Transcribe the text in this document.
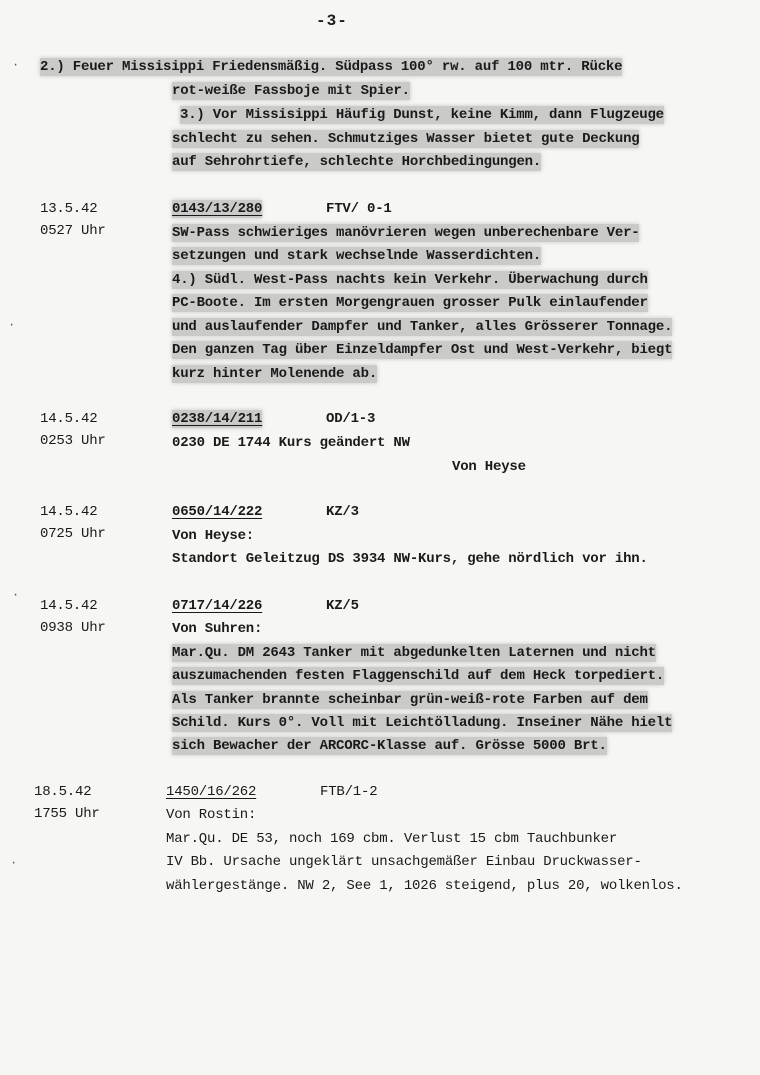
-3-
2.) Feuer Missisippi Friedensmäßig. Südpass 100° rw. auf 100 mtr. Rücke
rot-weiße Fassboje mit Spier.
3.) Vor Missisippi Häufig Dunst, keine Kimm, dann Flugzeuge
schlecht zu sehen. Schmutziges Wasser bietet gute Deckung
auf Sehrohrtiefe, schlechte Horchbedingungen.
13.5.42
0527 Uhr
0143/13/280	FTV/ 0-1
SW-Pass schwieriges manövrieren wegen unberechenbare Ver-
setzungen und stark wechselnde Wasserdichten.
4.) Südl. West-Pass nachts kein Verkehr. Überwachung durch
PC-Boote. Im ersten Morgengrauen grosser Pulk einlaufender
und auslaufender Dampfer und Tanker, alles Grösserer Tonnage.
Den ganzen Tag über Einzeldampfer Ost und West-Verkehr, biegt
kurz hinter Molenende ab.
14.5.42
0253 Uhr
0238/14/211	OD/1-3
0230 DE 1744 Kurs geändert NW
Von Heyse
14.5.42
0725 Uhr
0650/14/222	KZ/3
Von Heyse:
Standort Geleitzug DS 3934 NW-Kurs, gehe nördlich vor ihn.
14.5.42
0938 Uhr
0717/14/226	KZ/5
Von Suhren:
Mar.Qu. DM 2643 Tanker mit abgedunkelten Laternen und nicht
auszumachenden festen Flaggenschild auf dem Heck torpediert.
Als Tanker brannte scheinbar grün-weiß-rote Farben auf dem
Schild. Kurs 0°. Voll mit Leichtölladung. Inseiner Nähe hielt
sich Bewacher der ARCORC-Klasse auf. Grösse 5000 Brt.
18.5.42
1755 Uhr
1450/16/262	FTB/1-2
Von Rostin:
Mar.Qu. DE 53, noch 169 cbm. Verlust 15 cbm Tauchbunker
IV Bb. Ursache ungeklärt unsachgemäßer Einbau Druckwasser-
wählergestänge. NW 2, See 1, 1026 steigend, plus 20, wolkenlos.
·
·
·
·
